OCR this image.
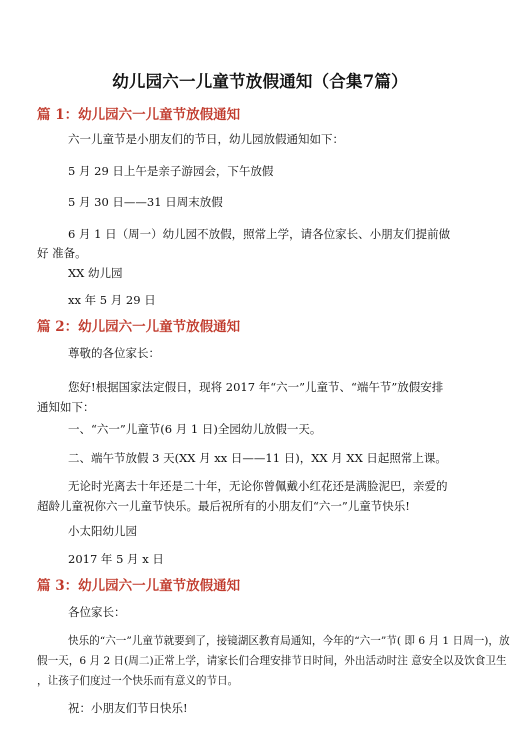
幼儿园六一儿童节放假通知（合集7篇）
篇 1：幼儿园六一儿童节放假通知
六一儿童节是小朋友们的节日，幼儿园放假通知如下：
5 月 29 日上午是亲子游园会，下午放假
5 月 30 日——31 日周末放假
6 月 1 日（周一）幼儿园不放假，照常上学，请各位家长、小朋友们提前做
好 准备。
XX 幼儿园
xx 年 5 月 29 日
篇 2：幼儿园六一儿童节放假通知
尊敬的各位家长：
您好!根据国家法定假日，现将 2017 年“六一”儿童节、“端午节”放假安排
通知如下：
一、“六一”儿童节(6 月 1 日)全园幼儿放假一天。
二、端午节放假 3 天(XX 月 xx 日——11 日)，XX 月 XX 日起照常上课。
无论时光离去十年还是二十年，无论你曾佩戴小红花还是满脸泥巴，亲爱的
超龄儿童祝你六一儿童节快乐。最后祝所有的小朋友们“六一”儿童节快乐!
小太阳幼儿园
2017 年 5 月 x 日
篇 3：幼儿园六一儿童节放假通知
各位家长：
快乐的“六一”儿童节就要到了，接镜湖区教育局通知，今年的“六一”节( 即 6 月 1 日周一)，放
假一天，6 月 2 日(周二)正常上学，请家长们合理安排节日时间，外出活动时注 意安全以及饮食卫生
，让孩子们度过一个快乐而有意义的节日。
祝：小朋友们节日快乐!
